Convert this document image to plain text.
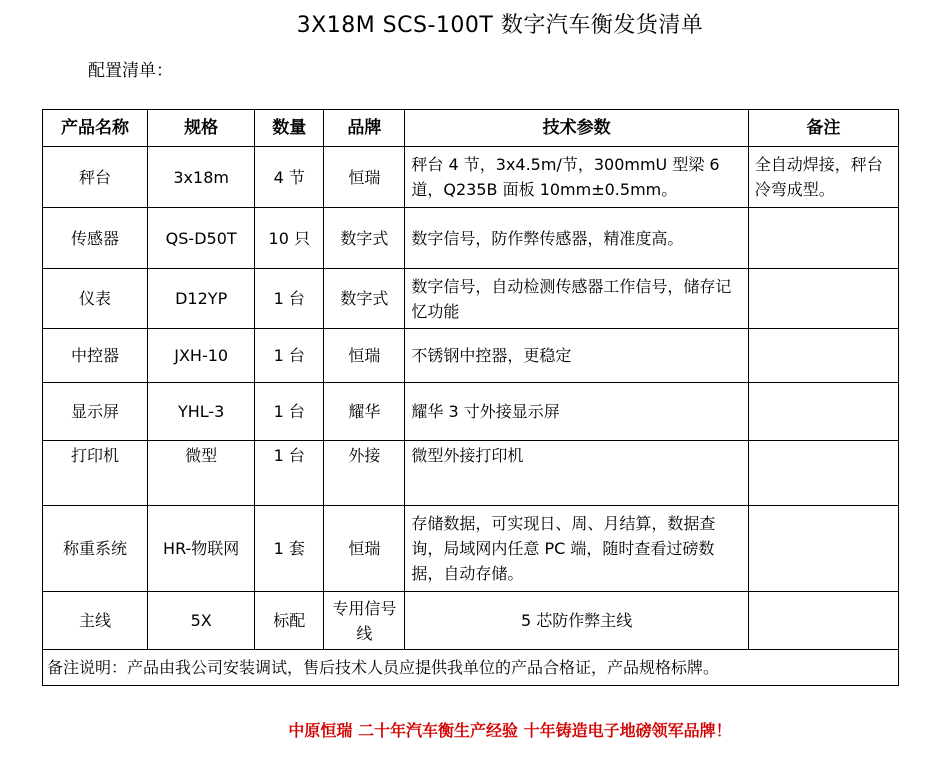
3X18M SCS-100T 数字汽车衡发货清单
配置清单：
产品名称	规格	数量	品牌	技术参数	备注
秤台	3x18m	4 节	恒瑞	秤台 4 节，3x4.5m/节，300mmU 型梁 6 道，Q235B 面板 10mm±0.5mm。	全自动焊接，秤台冷弯成型。
传感器	QS-D50T	10 只	数字式	数字信号，防作弊传感器，精准度高。	
仪表	D12YP	1 台	数字式	数字信号，自动检测传感器工作信号，储存记忆功能	
中控器	JXH-10	1 台	恒瑞	不锈钢中控器，更稳定	
显示屏	YHL-3	1 台	耀华	耀华 3 寸外接显示屏	
打印机	微型	1 台	外接	微型外接打印机	
称重系统	HR-物联网	1 套	恒瑞	存储数据，可实现日、周、月结算，数据查询，局域网内任意 PC 端，随时查看过磅数据，自动存储。	
主线	5X	标配	专用信号线	5 芯防作弊主线	
备注说明：产品由我公司安装调试，售后技术人员应提供我单位的产品合格证，产品规格标牌。					
中原恒瑞 二十年汽车衡生产经验 十年铸造电子地磅领军品牌！
